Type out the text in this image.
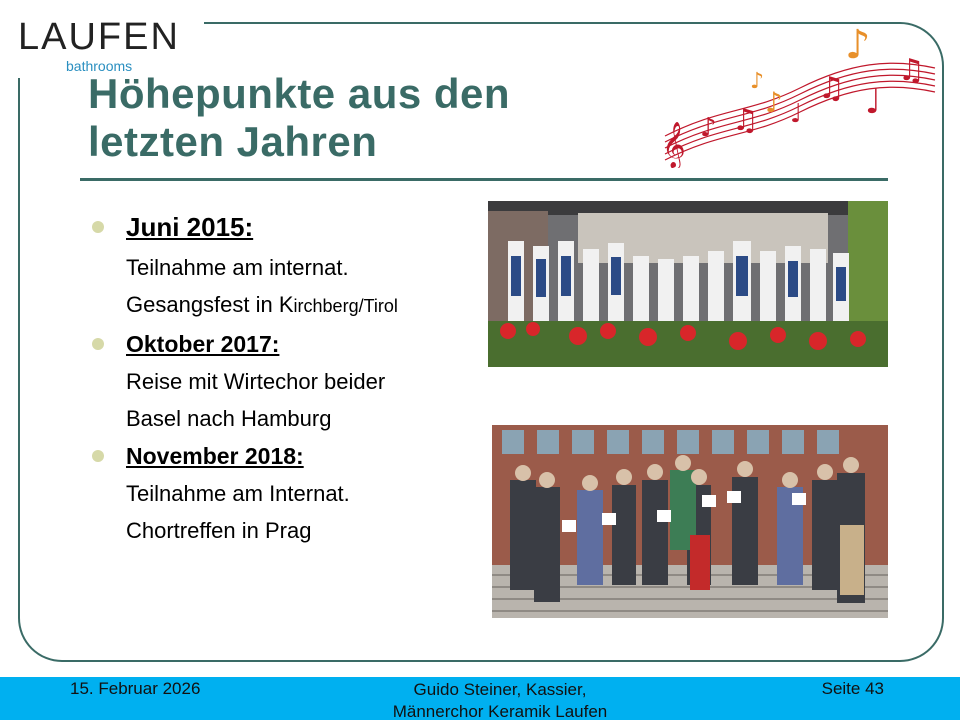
LAUFEN
bathrooms
𝄞 ♪ ♫
♪ ♩
♫
♪
♩
♫
♪
Höhepunkte aus den
letzten Jahren
Juni 2015:
Teilnahme am internat.
Gesangsfest in Kirchberg/Tirol
Oktober 2017:
Reise mit Wirtechor beider
Basel nach Hamburg
November 2018:
Teilnahme am Internat.
Chortreffen in Prag
15. Februar 2026	Guido Steiner, Kassier,
Männerchor Keramik Laufen
Seite 43
